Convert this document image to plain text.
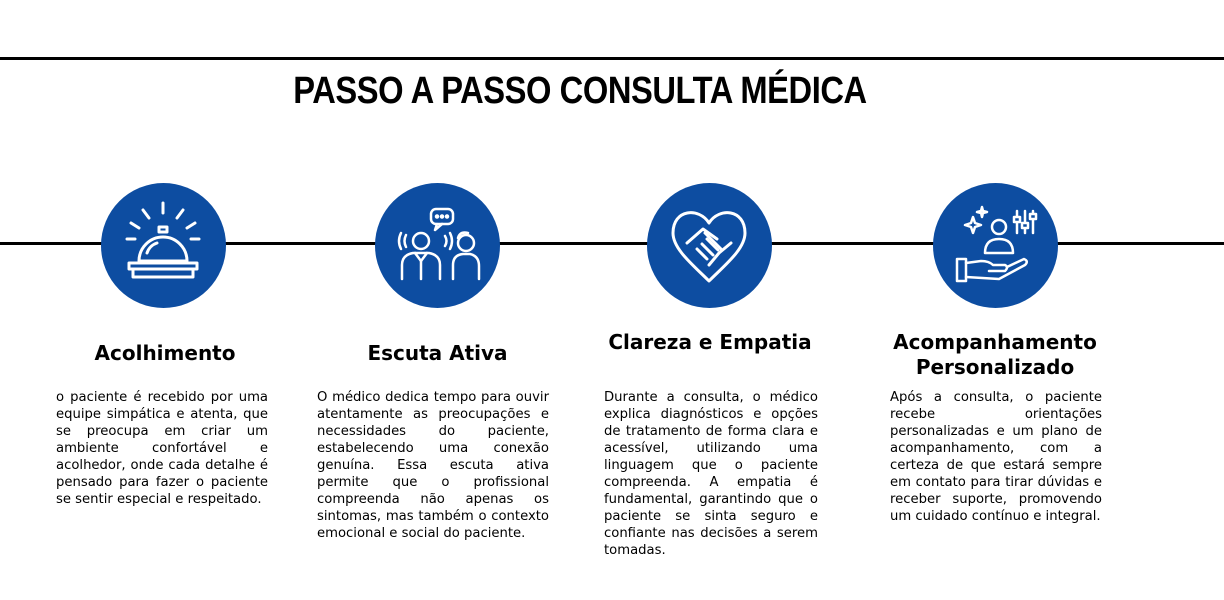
PASSO A PASSO CONSULTA MÉDICA
Acolhimento
o paciente é recebido por uma equipe simpática e atenta, que se preocupa em criar um ambiente confortável e acolhedor, onde cada detalhe é pensado para fazer o paciente se sentir especial e respeitado.
Escuta Ativa
O médico dedica tempo para ouvir atentamente as preocupações e necessidades do paciente, estabelecendo uma conexão genuína. Essa escuta ativa permite que o profissional compreenda não apenas os sintomas, mas também o contexto emocional e social do paciente.
Clareza e Empatia
Durante a consulta, o médico explica diagnósticos e opções de tratamento de forma clara e acessível, utilizando uma linguagem que o paciente compreenda. A empatia é fundamental, garantindo que o paciente se sinta seguro e confiante nas decisões a serem tomadas.
Acompanhamento Personalizado
Após a consulta, o paciente recebe orientações personalizadas e um plano de acompanhamento, com a certeza de que estará sempre em contato para tirar dúvidas e receber suporte, promovendo um cuidado contínuo e integral.
